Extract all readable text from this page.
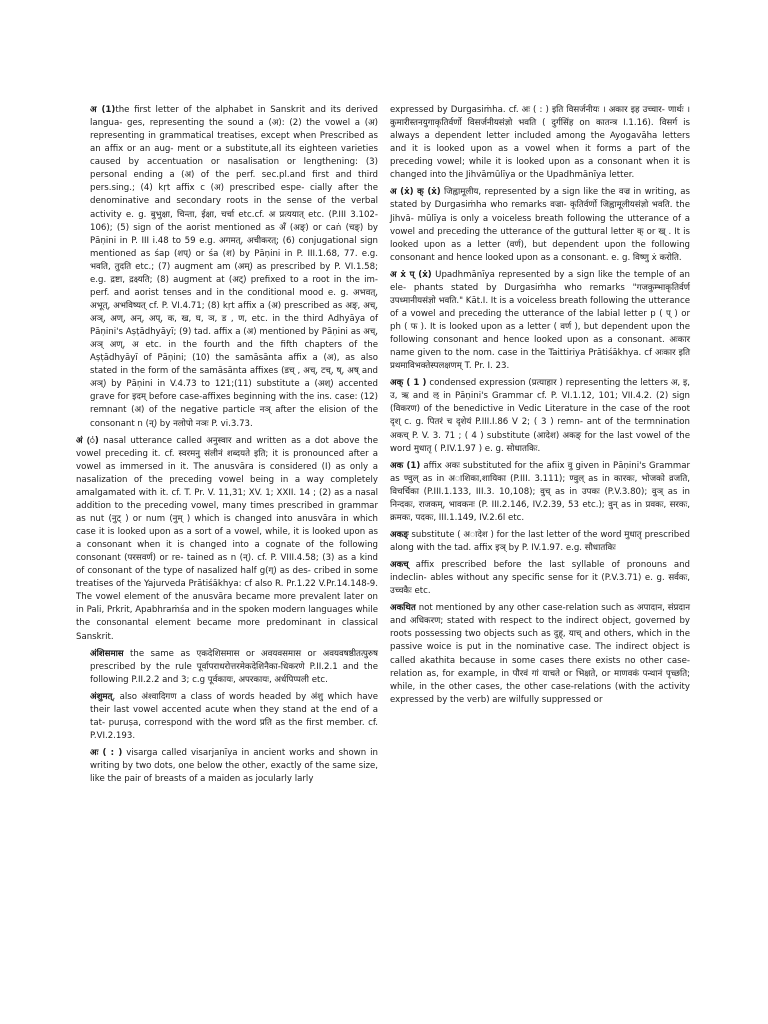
अ (1)the first letter of the alphabet in Sanskrit and its derived langua- ges, representing the sound a (अ): (2) the vowel a (अ) representing in grammatical treatises, except when Prescribed as an affix or an aug- ment or a substitute,all its eighteen varieties caused by accentuation or nasalisation or lengthening: (3) personal ending a (अ) of the perf. sec.pl.and first and third pers.sing.; (4) kṛt affix c (अ) prescribed espe- cially after the denominative and secondary roots in the sense of the verbal activity e. g. बुभुक्षा, चिन्ता, ईक्षा, चर्चा etc.cf. अ प्रत्ययात्‌ etc. (P.III 3.102-106); (5) sign of the aorist mentioned as अँ (अङ्‌) or caṅ (चङ्‌) by Pāṇini in P. III i.48 to 59 e.g. अगमत्‌, अचीकरत्‌; (6) conjugational sign mentioned as śap (शप्‌) or śa (श) by Pāṇini in P. III.1.68, 77. e.g. भवति, तुदति etc.; (7) augment am (अम्‌) as prescribed by P. VI.1.58; e.g. द्रष्टा, द्रक्ष्यति; (8) augment at (अट्‌) prefixed to a root in the im- perf. and aorist tenses and in the conditional mood e. g. अभवत्‌, अभूत्‌, अभविष्यत्‌ cf. P. VI.4.71; (8) kṛt affix a (अ) prescribed as अङ्‌, अच्‌, अञ्‌, अण्‌, अन्‌, अप्‌, क, ख, घ, ञ, ड , ण, etc. in the third Adhyāya of Pāṇini's Aṣṭādhyāyī; (9) tad. affix a (अ) mentioned by Pāṇini as अच्‌, अञ्‌ अण्‌, अ etc. in the fourth and the fifth chapters of the Aṣṭādhyāyī of Pāṇini; (10) the samāsānta affix a (अ), as also stated in the form of the samāsānta affixes (डच्‌ , अच्‌, टच्‌, ष्‌, अष्‌ and अञ्‌) by Pāṇini in V.4.73 to 121;(11) substitute a (अश्‌) accented grave for इदम्‌ before case-affixes beginning with the ins. case: (12) remnant (अ) of the negative particle नञ्‌ after the elision of the consonant n (न्‌) by नलोपो नञः P. vi.3.73.

अं (ं) nasal utterance called अनुस्वार and written as a dot above the vowel preceding it. cf. स्वरमनु संलीनं शब्दयते इति; it is pronounced after a vowel as immersed in it. The anusvāra is considered (I) as only a nasalization of the preceding vowel being in a way completely amalgamated with it. cf. T. Pr. V. 11,31; XV. 1; XXII. 14 ; (2) as a nasal addition to the preceding vowel, many times prescribed in grammar as nut (नुट्‌ ) or num (नुम्‌ ) which is changed into anusvāra in which case it is looked upon as a sort of a vowel, while, it is looked upon as a consonant when it is changed into a cognate of the following consonant (परसवर्ण) or re- tained as n (न्‌). cf. P. VIII.4.58; (3) as a kind of consonant of the type of nasalized half g(ग्‌) as des- cribed in some treatises of the Yajurveda Prātiśākhya: cf also R. Pr.1.22 V.Pr.14.148-9. The vowel element of the anusvāra became more prevalent later on in Pali, Prkrit, Apabhraṁśa and in the spoken modern languages while the consonantal element became more predominant in classical Sanskrit.

अंशिसमास the same as एकदेशिसमास or अवयवसमास or अवयवषष्ठीतत्पुरुष prescribed by the rule पूर्वापराधरोत्तरमेकदेशिनैका-धिकरणे P.II.2.1 and the following P.II.2.2 and 3; c.g पूर्वकायः, अपरकायः, अर्धपिप्पली etc.

अंशुमत्‌, also अंश्वादिगण a class of words headed by अंशु which have their last vowel accented acute when they stand at the end of a tat- puruṣa, correspond with the word प्रति as the first member. cf. P.VI.2.193.

अः ( : ) visarga called visarjanīya in ancient works and shown in writing by two dots, one below the other, exactly of the same size, like the pair of breasts of a maiden as jocularly larly

expressed by Durgasiṁha. cf. अः ( : ) इति विसर्जनीयः । अकार इह उच्चार- णार्थः । कुमारीस्तनयुगाकृतिर्वर्णो विसर्जनीयसंज्ञो भवति ( दुर्गसिंह on कातन्त्र I.1.16). विसर्ग is always a dependent letter included among the Ayogavāha letters and it is looked upon as a vowel when it forms a part of the preceding vowel; while it is looked upon as a consonant when it is changed into the Jihvāmūlīya or the Upadhmānīya letter.

अ (ẋ) क्‌ (ẋ) जिह्वामूलीय, represented by a sign like the वज्र in writing, as stated by Durgasiṁha who remarks वज्रा- कृतिर्वर्णो जिह्वामूलीयसंज्ञो भवति. the Jihvā- mūlīya is only a voiceless breath following the utterance of a vowel and preceding the utterance of the guttural letter क्‌ or ख्‌ . It is looked upon as a letter (वर्ण), but dependent upon the following consonant and hence looked upon as a consonant. e. g. विष्णु ẋ करोति.

अ ẋ प्‌ (ẋ) Upadhmānīya represented by a sign like the temple of an ele- phants stated by Durgasiṁha who remarks "गजकुम्भाकृतिर्वर्ण उपध्मानीयसंज्ञो भवति." Kāt.I. It is a voiceless breath following the utterance of a vowel and preceding the utterance of the labial letter p ( प्‌ ) or ph ( फ ). It is looked upon as a letter ( वर्ण ), but dependent upon the following consonant and hence looked upon as a consonant. अःकार name given to the nom. case in the Taittiriya Prātiśākhya. cf अःकार इति प्रथमाविभक्तेस्पलक्षणम्‌ T. Pr. I. 23.

अक्‌ ( 1 ) condensed expression (प्रत्याहार ) representing the letters अ, इ, उ, ऋ and ऌ in Pāṇini's Grammar cf. P. VI.1.12, 101; VII.4.2. (2) sign (विकरण) of the benedictive in Vedic Literature in the case of the root दृश्‌ c. g. पितरं च दृशेयं P.III.I.86 V 2; ( 3 ) remn- ant of the termnination अकच्‌ P. V. 3. 71 ; ( 4 ) substitute (आदेश) अकङ्‌ for the last vowel of the word मुधातृ ( P.IV.1.97 ) e. g. सोधातकिः.

अक (1) affix अकः substituted for the afiix वु given in Pāṇini's Grammar as ण्वुल्‌ as in अाशिका,शायिका (P.III. 3.111); ण्वुल्‌ as in कारकः, भोजको व्रजति, विचर्चिका (P.III.1.133, III.3. 10,108); वुच्‌ as in उपकः (P.V.3.80); वुञ्‌ as in निन्दकः, राजकम्‌, भावकनः (P. III.2.146, IV.2.39, 53 etc.); वुन्‌ as in प्रवकः, सरकः, क्रमकः, पदकः, III.1.149, IV.2.6l etc.

अकङ्‌ substitute ( अादेश ) for the last letter of the word मुधातृ prescribed along with the tad. affix इञ्‌ by P. IV.1.97. e.g. सौधातकिः

अकच्‌ affix prescribed before the last syllable of pronouns and indeclin- ables without any specific sense for it (P.V.3.71) e. g. सर्वकः, उच्चकैः etc.

अकथित not mentioned by any other case-relation such as अपादान, संप्रदान and अधिकरण; stated with respect to the indirect object, governed by roots possessing two objects such as दुह्‌, याच्‌ and others, which in the passive woice is put in the nominative case. The indirect object is called akathita because in some cases there exists no other case-relation as, for example, in पौरवं गां याचते or भिक्षते, or माणवकं पन्थानं पृच्छति; while, in the other cases, the other case-relations (with the activity expressed by the verb) are wilfully suppressed or
